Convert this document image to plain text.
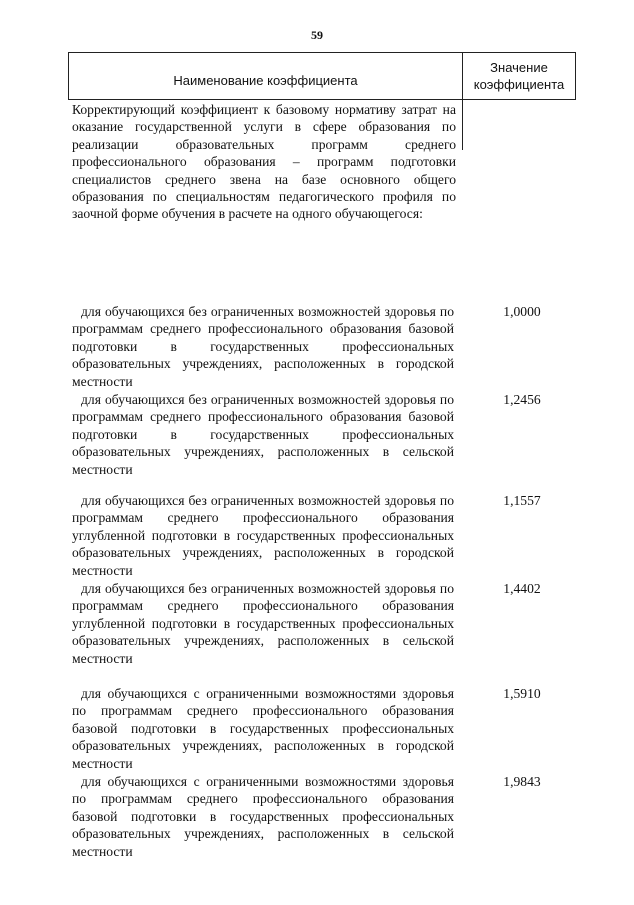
59
Наименование коэффициента
Значение
коэффициента
Корректирующий коэффициент к базовому нормативу затрат на оказание государственной услуги в сфере образования по реализации образовательных программ среднего профессионального образования – программ подготовки специалистов среднего звена на базе основного общего образования по специальностям педагогического профиля по заочной форме обучения в расчете на одного обучающегося:
для обучающихся без ограниченных возможностей здоровья по программам среднего профессионального образования базовой подготовки в государственных профессиональных образовательных учреждениях, расположенных в городской местности
1,0000
для обучающихся без ограниченных возможностей здоровья по программам среднего профессионального образования базовой подготовки в государственных профессиональных образовательных учреждениях, расположенных в сельской местности
1,2456
для обучающихся без ограниченных возможностей здоровья по программам среднего профессионального образования углубленной подготовки в государственных профессиональных образовательных учреждениях, расположенных в городской местности
1,1557
для обучающихся без ограниченных возможностей здоровья по программам среднего профессионального образования углубленной подготовки в государственных профессиональных образовательных учреждениях, расположенных в сельской местности
1,4402
для обучающихся с ограниченными возможностями здоровья по программам среднего профессионального образования базовой подготовки в государственных профессиональных образовательных учреждениях, расположенных в городской местности
1,5910
для обучающихся с ограниченными возможностями здоровья по программам среднего профессионального образования базовой подготовки в государственных профессиональных образовательных учреждениях, расположенных в сельской местности
1,9843
